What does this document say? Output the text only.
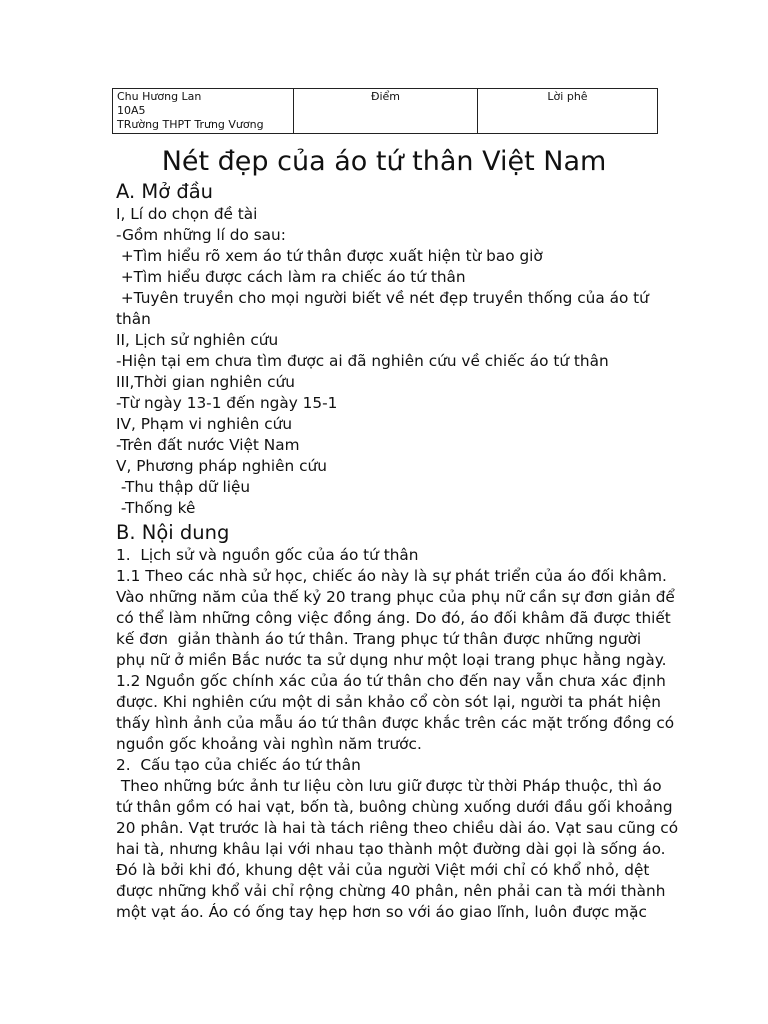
Chu Hương Lan
10A5
TRường THPT Trưng Vương
	Điểm	Lời phê
Nét đẹp của áo tứ thân Việt Nam
A. Mở đầu

I, Lí do chọn đề tài

-Gồm những lí do sau:

+Tìm hiểu rõ xem áo tứ thân được xuất hiện từ bao giờ

+Tìm hiểu được cách làm ra chiếc áo tứ thân

+Tuyên truyền cho mọi người biết về nét đẹp truyền thống của áo tứ

thân

II, Lịch sử nghiên cứu

-Hiện tại em chưa tìm được ai đã nghiên cứu về chiếc áo tứ thân

III,Thời gian nghiên cứu

-Từ ngày 13-1 đến ngày 15-1

IV, Phạm vi nghiên cứu

-Trên đất nước Việt Nam

V, Phương pháp nghiên cứu

-Thu thập dữ liệu

-Thống kê

B. Nội dung

1.  Lịch sử và nguồn gốc của áo tứ thân

1.1 Theo các nhà sử học, chiếc áo này là sự phát triển của áo đối khâm.

Vào những năm của thế kỷ 20 trang phục của phụ nữ cần sự đơn giản để

có thể làm những công việc đồng áng. Do đó, áo đối khâm đã được thiết

kế đơn  giản thành áo tứ thân. Trang phục tứ thân được những người

phụ nữ ở miền Bắc nước ta sử dụng như một loại trang phục hằng ngày.

1.2 Nguồn gốc chính xác của áo tứ thân cho đến nay vẫn chưa xác định

được. Khi nghiên cứu một di sản khảo cổ còn sót lại, người ta phát hiện

thấy hình ảnh của mẫu áo tứ thân được khắc trên các mặt trống đồng có

nguồn gốc khoảng vài nghìn năm trước.

2.  Cấu tạo của chiếc áo tứ thân

Theo những bức ảnh tư liệu còn lưu giữ được từ thời Pháp thuộc, thì áo

tứ thân gồm có hai vạt, bốn tà, buông chùng xuống dưới đầu gối khoảng

20 phân. Vạt trước là hai tà tách riêng theo chiều dài áo. Vạt sau cũng có

hai tà, nhưng khâu lại với nhau tạo thành một đường dài gọi là sống áo.

Đó là bởi khi đó, khung dệt vải của người Việt mới chỉ có khổ nhỏ, dệt

được những khổ vải chỉ rộng chừng 40 phân, nên phải can tà mới thành

một vạt áo. Áo có ống tay hẹp hơn so với áo giao lĩnh, luôn được mặc
